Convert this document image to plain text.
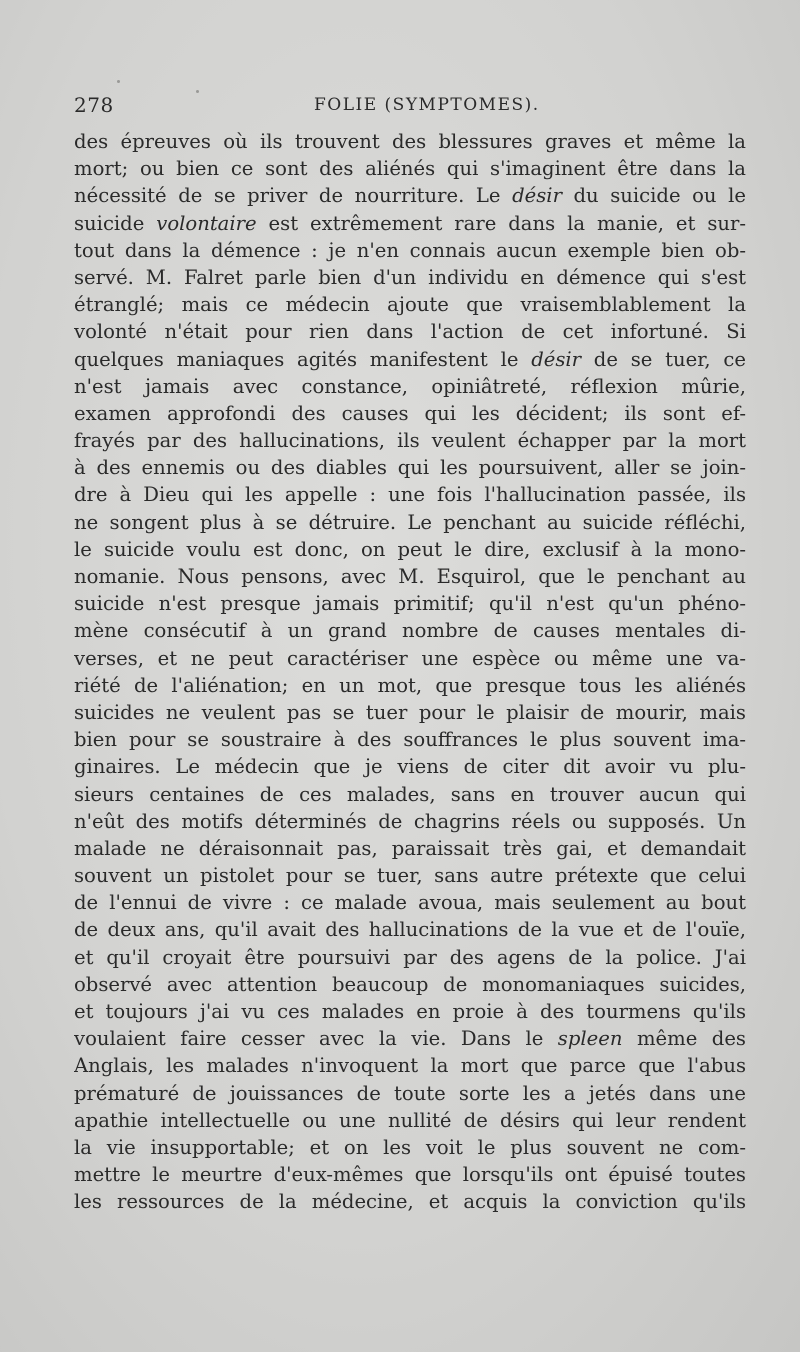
278	FOLIE (SYMPTOMES).
des épreuves où ils trouvent des blessures graves et même la
mort; ou bien ce sont des aliénés qui s'imaginent être dans la
nécessité de se priver de nourriture. Le désir du suicide ou le
suicide volontaire est extrêmement rare dans la manie, et sur-
tout dans la démence : je n'en connais aucun exemple bien ob-
servé. M. Falret parle bien d'un individu en démence qui s'est
étranglé; mais ce médecin ajoute que vraisemblablement la
volonté n'était pour rien dans l'action de cet infortuné. Si
quelques maniaques agités manifestent le désir de se tuer, ce
n'est jamais avec constance, opiniâtreté, réflexion mûrie,
examen approfondi des causes qui les décident; ils sont ef-
frayés par des hallucinations, ils veulent échapper par la mort
à des ennemis ou des diables qui les poursuivent, aller se join-
dre à Dieu qui les appelle : une fois l'hallucination passée, ils
ne songent plus à se détruire. Le penchant au suicide réfléchi,
le suicide voulu est donc, on peut le dire, exclusif à la mono-
nomanie. Nous pensons, avec M. Esquirol, que le penchant au
suicide n'est presque jamais primitif; qu'il n'est qu'un phéno-
mène consécutif à un grand nombre de causes mentales di-
verses, et ne peut caractériser une espèce ou même une va-
riété de l'aliénation; en un mot, que presque tous les aliénés
suicides ne veulent pas se tuer pour le plaisir de mourir, mais
bien pour se soustraire à des souffrances le plus souvent ima-
ginaires. Le médecin que je viens de citer dit avoir vu plu-
sieurs centaines de ces malades, sans en trouver aucun qui
n'eût des motifs déterminés de chagrins réels ou supposés. Un
malade ne déraisonnait pas, paraissait très gai, et demandait
souvent un pistolet pour se tuer, sans autre prétexte que celui
de l'ennui de vivre : ce malade avoua, mais seulement au bout
de deux ans, qu'il avait des hallucinations de la vue et de l'ouïe,
et qu'il croyait être poursuivi par des agens de la police. J'ai
observé avec attention beaucoup de monomaniaques suicides,
et toujours j'ai vu ces malades en proie à des tourmens qu'ils
voulaient faire cesser avec la vie. Dans le spleen même des
Anglais, les malades n'invoquent la mort que parce que l'abus
prématuré de jouissances de toute sorte les a jetés dans une
apathie intellectuelle ou une nullité de désirs qui leur rendent
la vie insupportable; et on les voit le plus souvent ne com-
mettre le meurtre d'eux-mêmes que lorsqu'ils ont épuisé toutes
les ressources de la médecine, et acquis la conviction qu'ils
